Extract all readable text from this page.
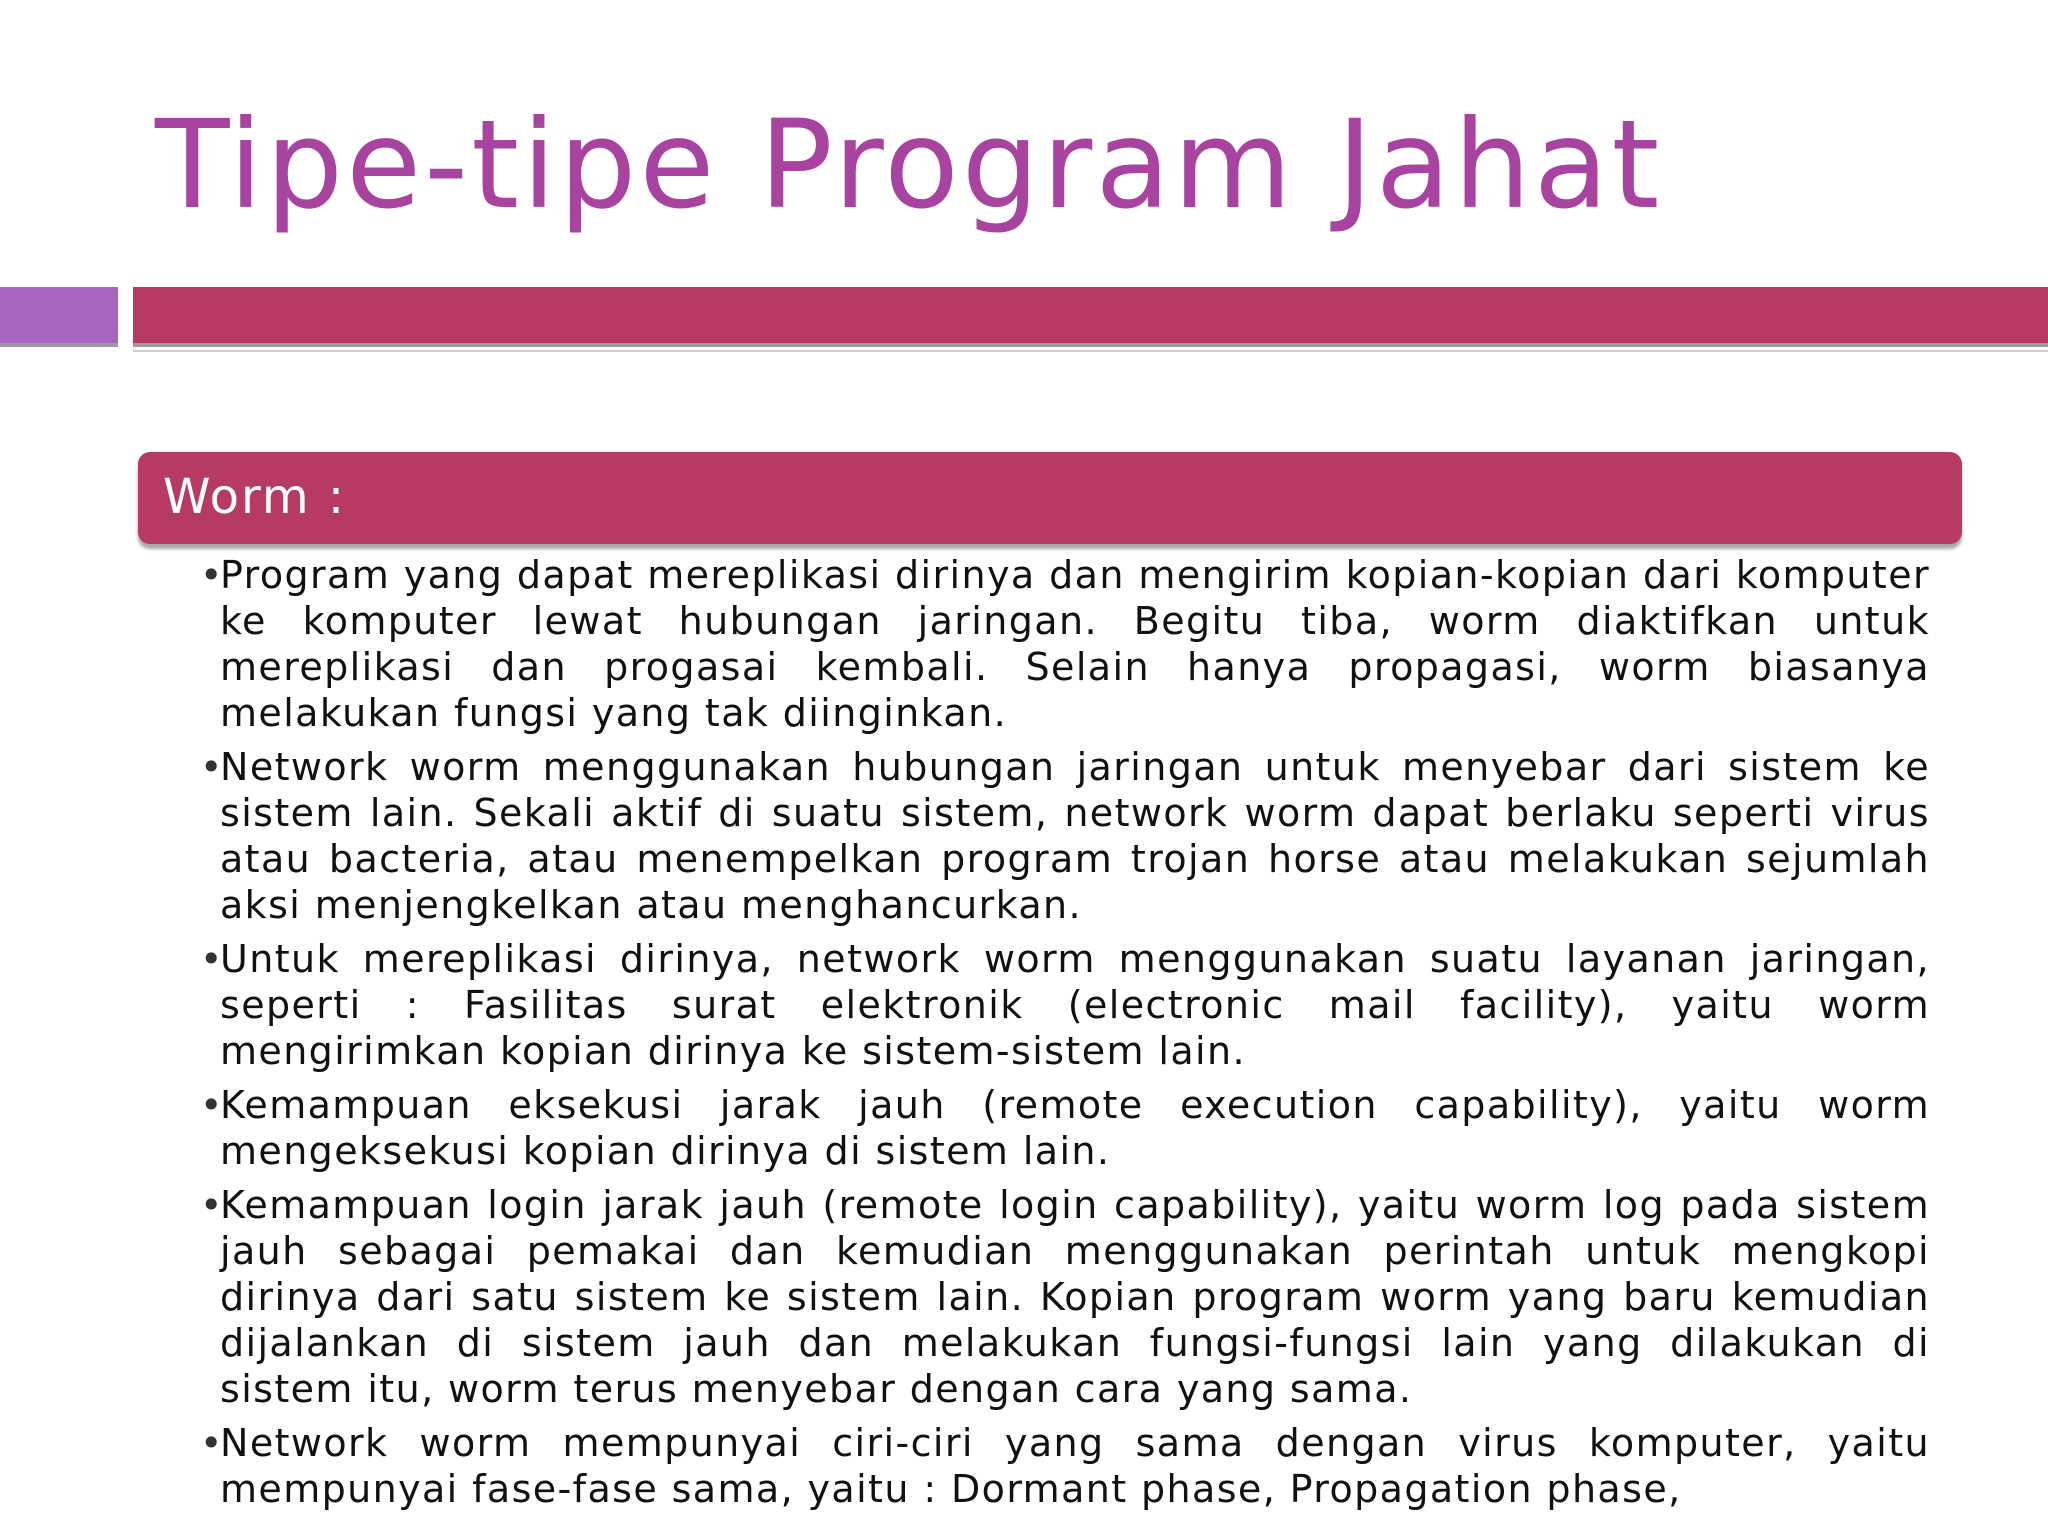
Tipe-tipe Program Jahat
Worm :
•
Program yang dapat mereplikasi dirinya dan mengirim kopian-kopian dari komputer ke komputer lewat hubungan jaringan. Begitu tiba, worm diaktifkan untuk mereplikasi dan progasai kembali. Selain hanya propagasi, worm biasanya melakukan fungsi yang tak diinginkan.
•
Network worm menggunakan hubungan jaringan untuk menyebar dari sistem ke sistem lain. Sekali aktif di suatu sistem, network worm dapat berlaku seperti virus atau bacteria, atau menempelkan program trojan horse atau melakukan sejumlah aksi menjengkelkan atau menghancurkan.
•
Untuk mereplikasi dirinya, network worm menggunakan suatu layanan jaringan, seperti : Fasilitas surat elektronik (electronic mail facility), yaitu worm mengirimkan kopian dirinya ke sistem-sistem lain.
•
Kemampuan eksekusi jarak jauh (remote execution capability), yaitu worm mengeksekusi kopian dirinya di sistem lain.
•
Kemampuan login jarak jauh (remote login capability), yaitu worm log pada sistem jauh sebagai pemakai dan kemudian menggunakan perintah untuk mengkopi dirinya dari satu sistem ke sistem lain. Kopian program worm yang baru kemudian dijalankan di sistem jauh dan melakukan fungsi-fungsi lain yang dilakukan di sistem itu, worm terus menyebar dengan cara yang sama.
•
Network worm mempunyai ciri-ciri yang sama dengan virus komputer, yaitu mempunyai fase-fase sama, yaitu : Dormant phase, Propagation phase,
